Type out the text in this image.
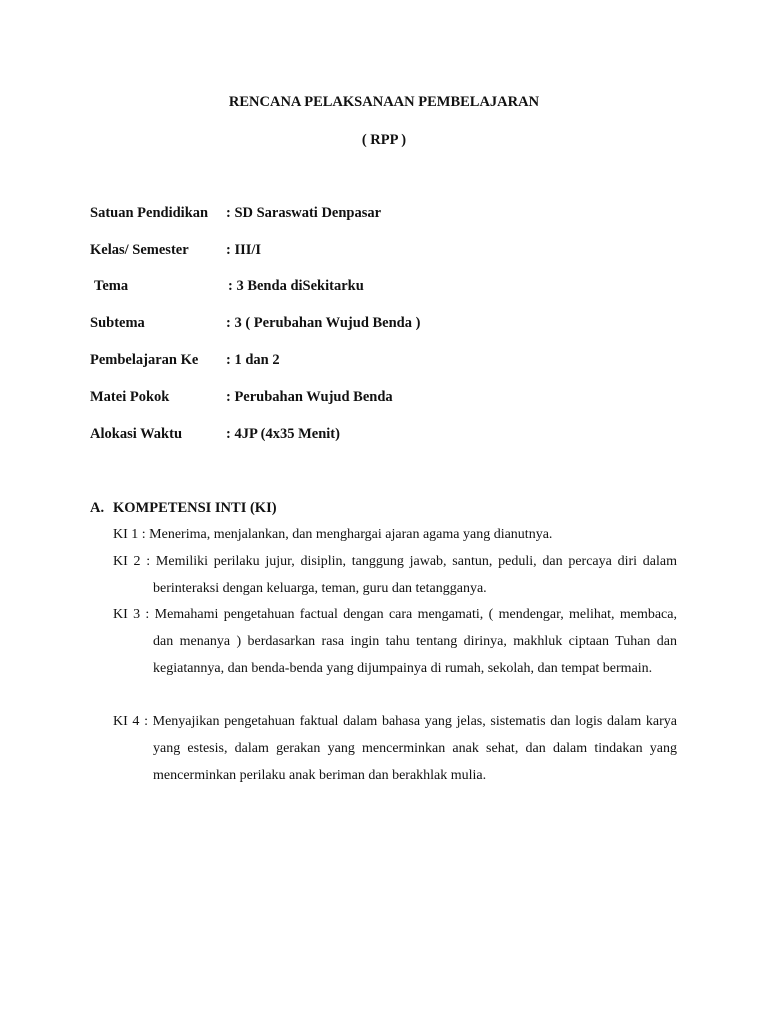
RENCANA PELAKSANAAN PEMBELAJARAN
( RPP )
Satuan Pendidikan : SD Saraswati Denpasar
Kelas/ Semester	: III/I
Tema	: 3 Benda diSekitarku
Subtema	: 3 ( Perubahan Wujud Benda )
Pembelajaran Ke : 1 dan 2
Matei Pokok	: Perubahan Wujud Benda
Alokasi Waktu	: 4JP (4x35 Menit)
A. KOMPETENSI INTI (KI)
KI 1 : Menerima, menjalankan, dan menghargai ajaran agama yang dianutnya.
KI 2 : Memiliki perilaku jujur, disiplin, tanggung jawab, santun, peduli, dan percaya diri dalam berinteraksi dengan keluarga, teman, guru dan tetangganya.
KI 3 : Memahami pengetahuan factual dengan cara mengamati, ( mendengar, melihat, membaca, dan menanya ) berdasarkan rasa ingin tahu tentang dirinya, makhluk ciptaan Tuhan dan kegiatannya, dan benda-benda yang dijumpainya di rumah, sekolah, dan tempat bermain.
KI 4 : Menyajikan pengetahuan faktual dalam bahasa yang jelas, sistematis dan logis dalam karya yang estesis, dalam gerakan yang mencerminkan anak sehat, dan dalam tindakan yang mencerminkan perilaku anak beriman dan berakhlak mulia.
